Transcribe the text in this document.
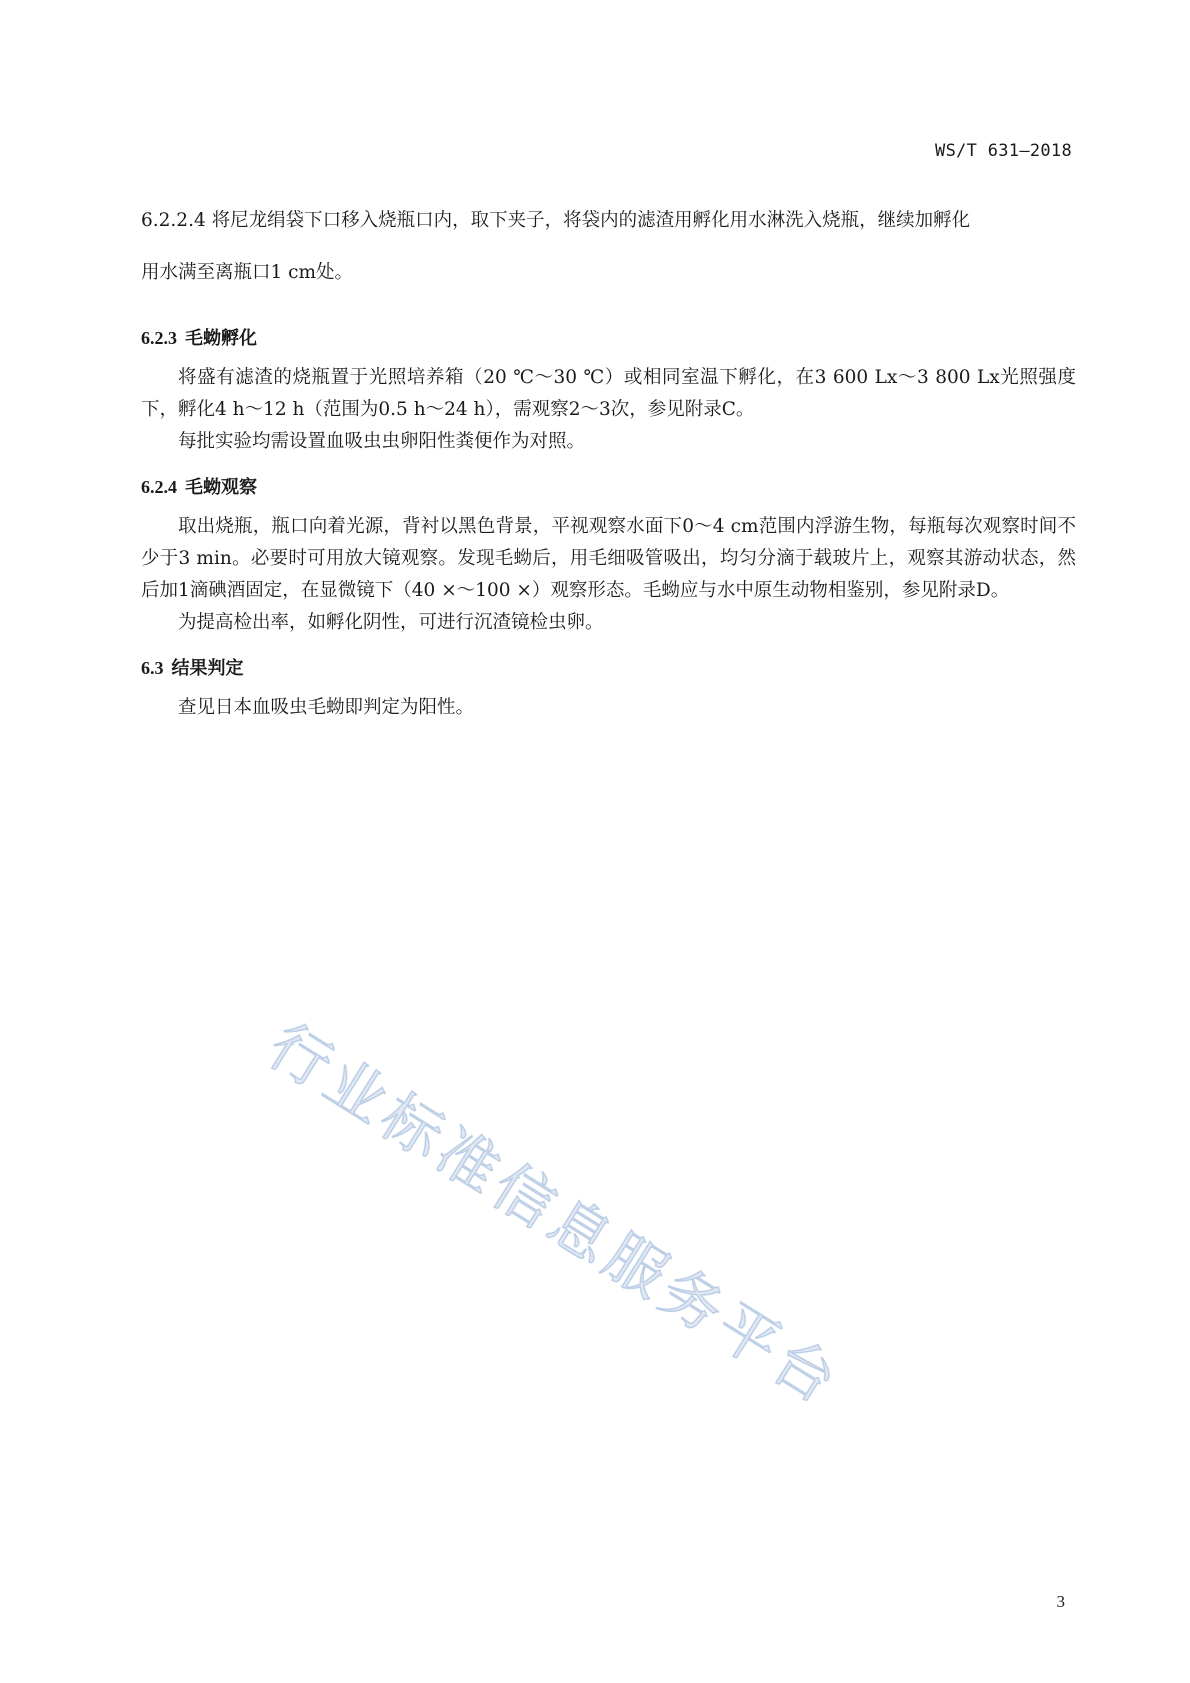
WS/T 631—2018

6.2.2.4 将尼龙绢袋下口移入烧瓶口内，取下夹子，将袋内的滤渣用孵化用水淋洗入烧瓶，继续加孵化

用水满至离瓶口1 cm处。

6.2.3 毛蚴孵化

将盛有滤渣的烧瓶置于光照培养箱（20 ℃～30 ℃）或相同室温下孵化，在3 600 Lx～3 800 Lx光照强度下，孵化4 h～12 h（范围为0.5 h～24 h），需观察2～3次，参见附录C。

每批实验均需设置血吸虫虫卵阳性粪便作为对照。

6.2.4 毛蚴观察

取出烧瓶，瓶口向着光源，背衬以黑色背景，平视观察水面下0～4 cm范围内浮游生物，每瓶每次观察时间不少于3 min。必要时可用放大镜观察。发现毛蚴后，用毛细吸管吸出，均匀分滴于载玻片上，观察其游动状态，然后加1滴碘酒固定，在显微镜下（40 ×～100 ×）观察形态。毛蚴应与水中原生动物相鉴别，参见附录D。

为提高检出率，如孵化阴性，可进行沉渣镜检虫卵。

6.3 结果判定

查见日本血吸虫毛蚴即判定为阳性。

行业标准信息服务平台
3
